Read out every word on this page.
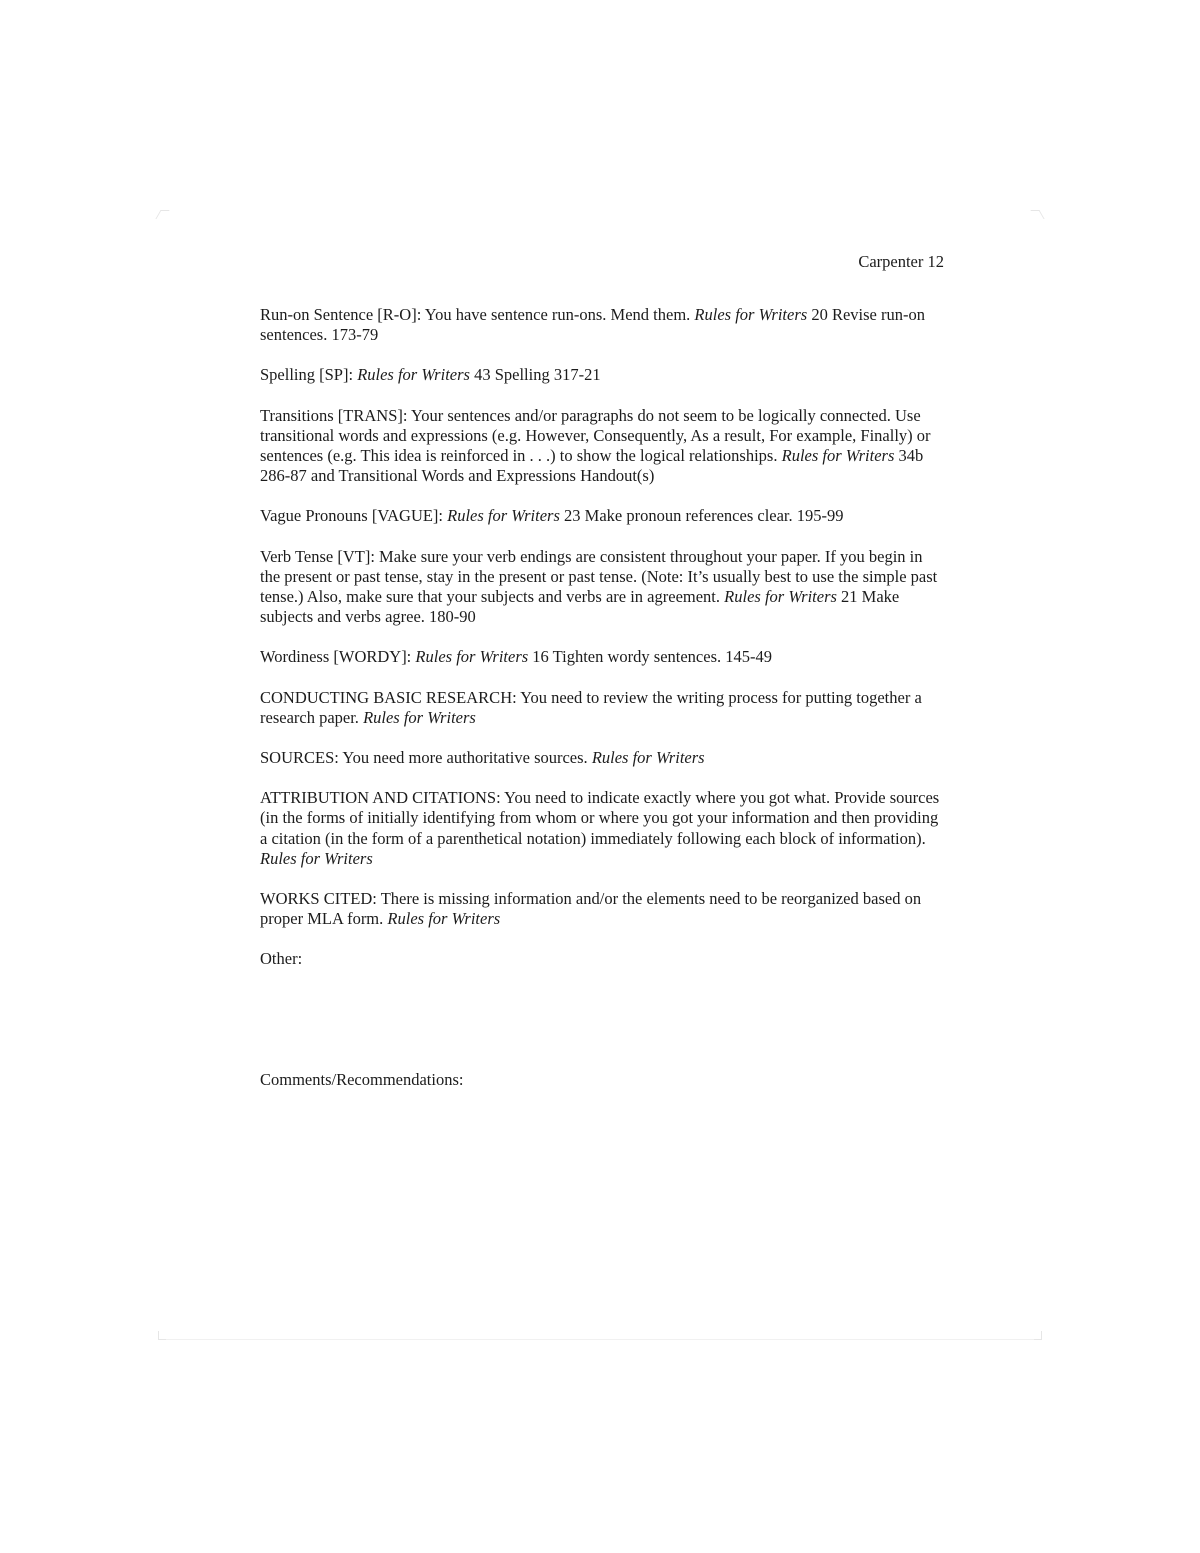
Carpenter 12

Run-on Sentence [R-O]: You have sentence run-ons. Mend them. Rules for Writers 20 Revise run-on sentences. 173-79

Spelling [SP]: Rules for Writers 43 Spelling 317-21

Transitions [TRANS]: Your sentences and/or paragraphs do not seem to be logically connected. Use transitional words and expressions (e.g. However, Consequently, As a result, For example, Finally) or sentences (e.g. This idea is reinforced in . . .) to show the logical relationships. Rules for Writers 34b 286-87 and Transitional Words and Expressions Handout(s)

Vague Pronouns [VAGUE]: Rules for Writers 23 Make pronoun references clear. 195-99

Verb Tense [VT]: Make sure your verb endings are consistent throughout your paper. If you begin in the present or past tense, stay in the present or past tense. (Note: It’s usually best to use the simple past tense.) Also, make sure that your subjects and verbs are in agreement. Rules for Writers 21 Make subjects and verbs agree. 180-90

Wordiness [WORDY]: Rules for Writers 16 Tighten wordy sentences. 145-49

CONDUCTING BASIC RESEARCH: You need to review the writing process for putting together a research paper. Rules for Writers

SOURCES: You need more authoritative sources. Rules for Writers

ATTRIBUTION AND CITATIONS: You need to indicate exactly where you got what. Provide sources (in the forms of initially identifying from whom or where you got your information and then providing a citation (in the form of a parenthetical notation) immediately following each block of information). Rules for Writers

WORKS CITED: There is missing information and/or the elements need to be reorganized based on proper MLA form. Rules for Writers

Other:

Comments/Recommendations:
